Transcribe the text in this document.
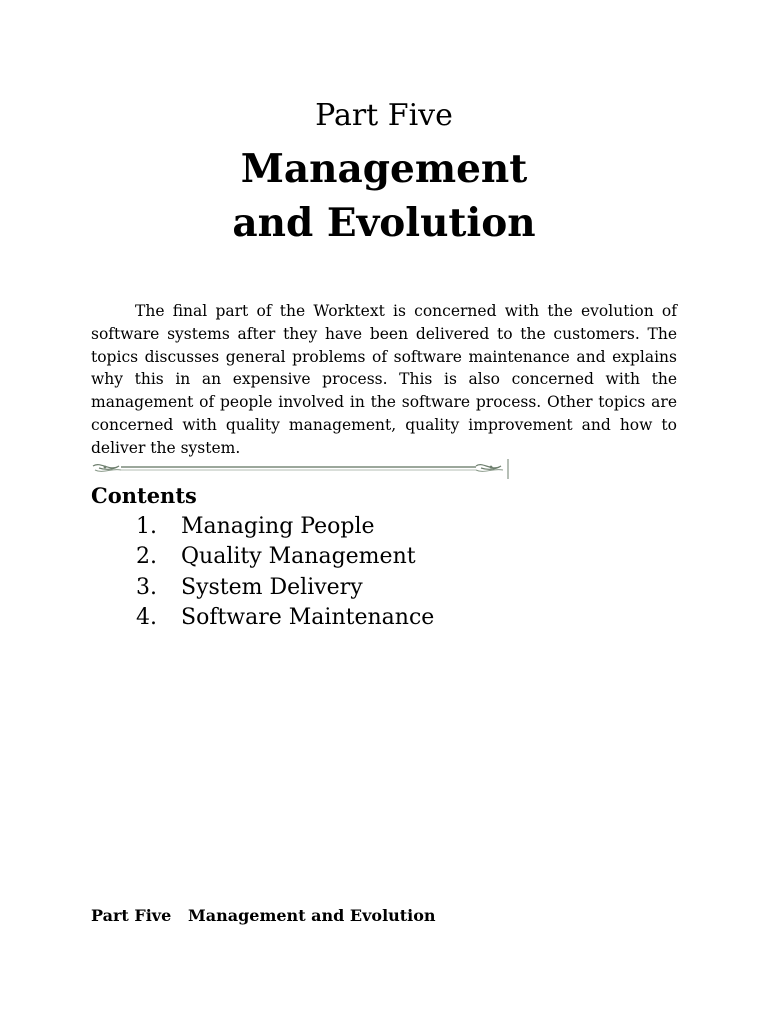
Part Five
Management
and Evolution

The final part of the Worktext is concerned with the evolution of software systems after they have been delivered to the customers. The topics discusses general problems of software maintenance and explains why this in an expensive process. This is also concerned with the management of people involved in the software process. Other topics are concerned with quality management, quality improvement and how to deliver the system.

Contents
1.	Managing People
2.	Quality Management
3.	System Delivery
4.	Software Maintenance
Part Five Management and Evolution
